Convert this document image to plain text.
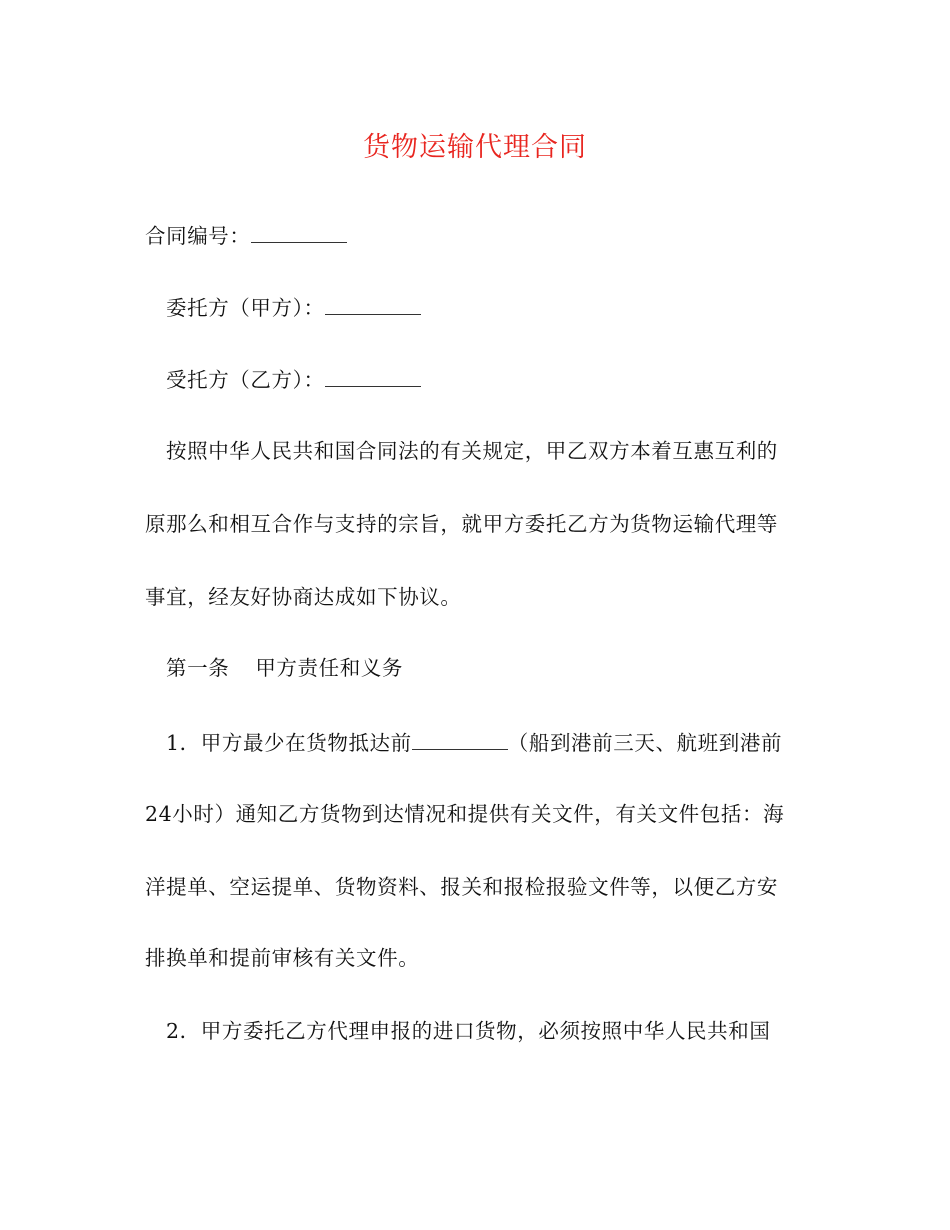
货物运输代理合同
合同编号：
委托方（甲方）：
受托方（乙方）：
按照中华人民共和国合同法的有关规定，甲乙双方本着互惠互利的
原那么和相互合作与支持的宗旨，就甲方委托乙方为货物运输代理等
事宜，经友好协商达成如下协议。
第一条 甲方责任和义务
1．甲方最少在货物抵达前	（船到港前三天、航班到港前
24小时）通知乙方货物到达情况和提供有关文件，有关文件包括：海
洋提单、空运提单、货物资料、报关和报检报验文件等，以便乙方安
排换单和提前审核有关文件。
2．甲方委托乙方代理申报的进口货物，必须按照中华人民共和国
